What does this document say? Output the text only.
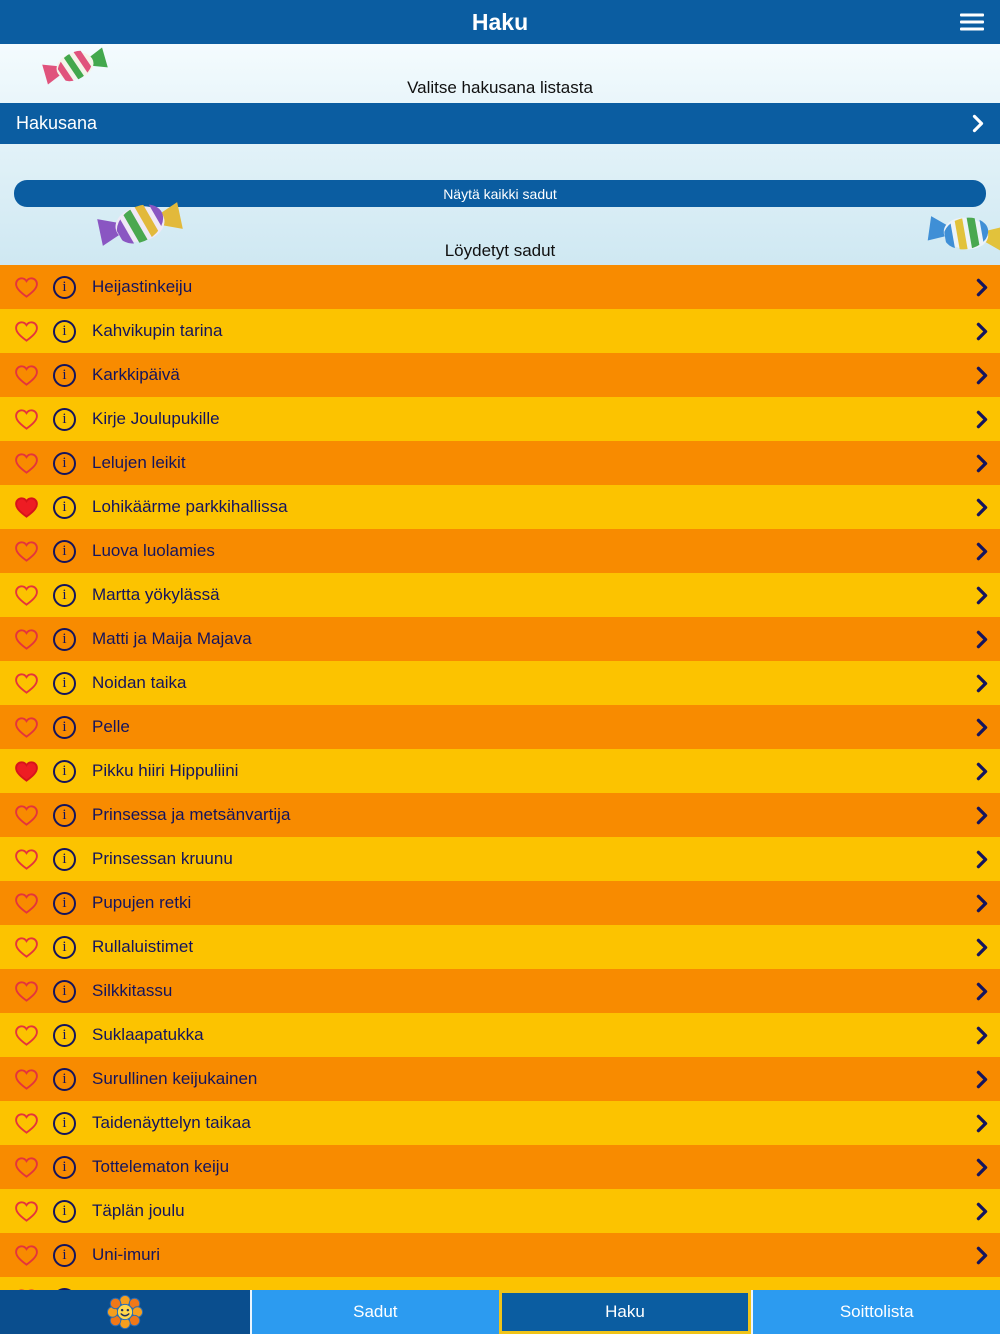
Haku
Valitse hakusana listasta
Hakusana
Näytä kaikki sadut
Löydetyt sadut
i	Heijastinkeiju
i	Kahvikupin tarina
i	Karkkipäivä
i	Kirje Joulupukille
i	Lelujen leikit
i	Lohikäärme parkkihallissa
i	Luova luolamies
i	Martta yökylässä
i	Matti ja Maija Majava
i	Noidan taika
i	Pelle
i	Pikku hiiri Hippuliini
i	Prinsessa ja metsänvartija
i	Prinsessan kruunu
i	Pupujen retki
i	Rullaluistimet
i	Silkkitassu
i	Suklaapatukka
i	Surullinen keijukainen
i	Taidenäyttelyn taikaa
i	Tottelematon keiju
i	Täplän joulu
i	Uni-imuri
Sadut	Haku	Soittolista
